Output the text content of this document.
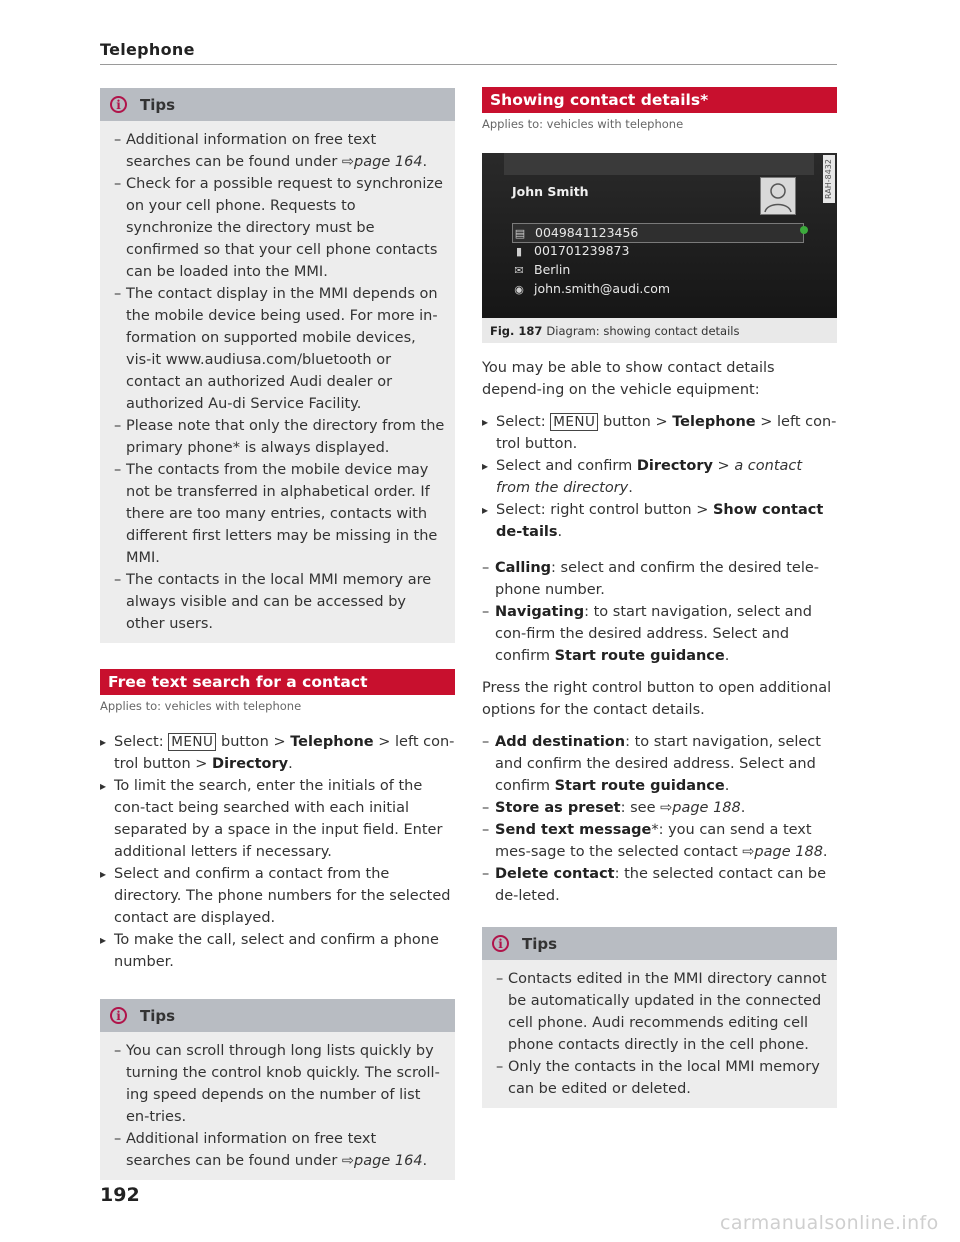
Telephone
i	Tips
– Additional information on free text searches can be found under ⇨page 164.
– Check for a possible request to synchronize on your cell phone. Requests to synchronize the directory must be confirmed so that your cell phone contacts can be loaded into the MMI.
– The contact display in the MMI depends on the mobile device being used. For more in-formation on supported mobile devices, vis-it www.audiusa.com/bluetooth or contact an authorized Audi dealer or authorized Au-di Service Facility.
– Please note that only the directory from the primary phone* is always displayed.
– The contacts from the mobile device may not be transferred in alphabetical order. If there are too many entries, contacts with different first letters may be missing in the MMI.
– The contacts in the local MMI memory are always visible and can be accessed by other users.
Free text search for a contact
Applies to: vehicles with telephone
▸ Select: MENU button > Telephone > left con-trol button > Directory.
▸ To limit the search, enter the initials of the con-tact being searched with each initial separated by a space in the input field. Enter additional letters if necessary.
▸ Select and confirm a contact from the directory. The phone numbers for the selected contact are displayed.
▸ To make the call, select and confirm a phone number.
i	Tips
– You can scroll through long lists quickly by turning the control knob quickly. The scroll-ing speed depends on the number of list en-tries.
– Additional information on free text searches can be found under ⇨page 164.
Showing contact details*
Applies to: vehicles with telephone
John Smith
▤ 0049841123456
▮ 001701239873
✉ Berlin
◉ john.smith@audi.com
RAH-8432
Fig. 187 Diagram: showing contact details
You may be able to show contact details depend-ing on the vehicle equipment:
▸ Select: MENU button > Telephone > left con-trol button.
▸ Select and confirm Directory > a contact from the directory.
▸ Select: right control button > Show contact de-tails.
– Calling: select and confirm the desired tele-phone number.
– Navigating: to start navigation, select and con-firm the desired address. Select and confirm Start route guidance.
Press the right control button to open additional options for the contact details.
– Add destination: to start navigation, select and confirm the desired address. Select and confirm Start route guidance.
– Store as preset: see ⇨page 188.
– Send text message*: you can send a text mes-sage to the selected contact ⇨page 188.
– Delete contact: the selected contact can be de-leted.
i	Tips
– Contacts edited in the MMI directory cannot be automatically updated in the connected cell phone. Audi recommends editing cell phone contacts directly in the cell phone.
– Only the contacts in the local MMI memory can be edited or deleted.
192
carmanualsonline.info
